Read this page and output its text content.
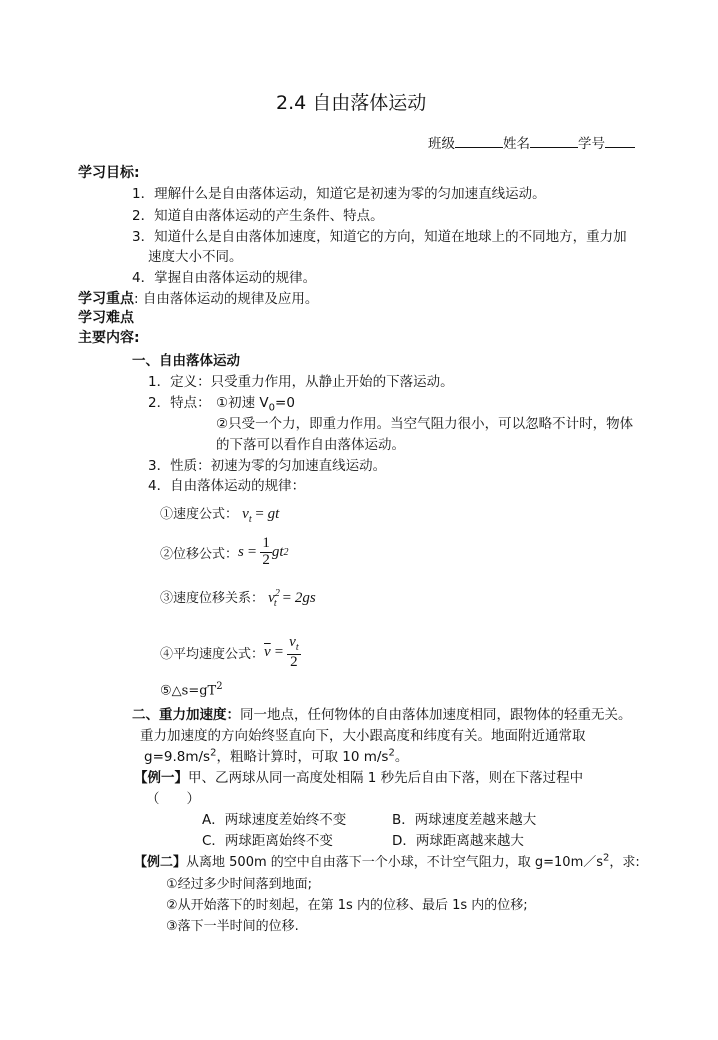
2.4 自由落体运动
班级	姓名	学号
学习目标:
1．理解什么是自由落体运动，知道它是初速为零的匀加速直线运动。
2．知道自由落体运动的产生条件、特点。
3．知道什么是自由落体加速度，知道它的方向，知道在地球上的不同地方，重力加
速度大小不同。
4．掌握自由落体运动的规律。
学习重点: 自由落体运动的规律及应用。
学习难点
主要内容:
一、自由落体运动
1．定义：只受重力作用，从静止开始的下落运动。
2．特点： ①初速 $V_0=0$
②只受一个力，即重力作用。当空气阻力很小，可以忽略不计时，物体
的下落可以看作自由落体运动。
3．性质：初速为零的匀加速直线运动。
4．自由落体运动的规律：
①速度公式： $v_t$ = gt
②位移公式： $s = \frac{1}{2}$ gt 2
③速度位移关系： $v_{2t} = 2gs$
④平均速度公式： $\overline{v} = \frac{v_t}{2}$
$⑤\triangle s=gT^2$
二、重力加速度：同一地点，任何物体的自由落体加速度相同，跟物体的轻重无关。
重力加速度的方向始终竖直向下，大小跟高度和纬度有关。地面附近通常取
$g=9.8m/s^2$，粗略计算时，可取 10 $m/s^2$。
【例一】甲、乙两球从同一高度处相隔 1 秒先后自由下落，则在下落过程中
（　　）
A．两球速度差始终不变	B．两球速度差越来越大
C．两球距离始终不变	D．两球距离越来越大
【例二】从离地 500m 的空中自由落下一个小球，不计空气阻力，取 $g=10m/s^2$，求:
①经过多少时间落到地面;
②从开始落下的时刻起，在第 1s 内的位移、最后 1s 内的位移;
③落下一半时间的位移.
